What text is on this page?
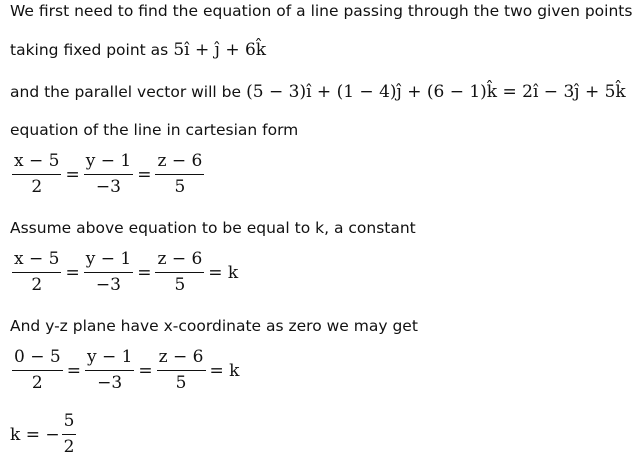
We first need to find the equation of a line passing through the two given points
taking fixed point as 5î + ĵ + 6k̂
and the parallel vector will be (5 − 3)î + (1 − 4)ĵ + (6 − 1)k̂ = 2î − 3ĵ + 5k̂
equation of the line in cartesian form
$\frac{x - 5}{2} = \frac{y - 1}{-3} = \frac{z - 6}{5}$
Assume above equation to be equal to k, a constant
$\frac{x - 5}{2} = \frac{y - 1}{-3} = \frac{z - 6}{5} = k$
And y-z plane have x-coordinate as zero we may get
$\frac{0 - 5}{2} = \frac{y - 1}{-3} = \frac{z - 6}{5} = k$
k = − $\frac{5}{2}$
